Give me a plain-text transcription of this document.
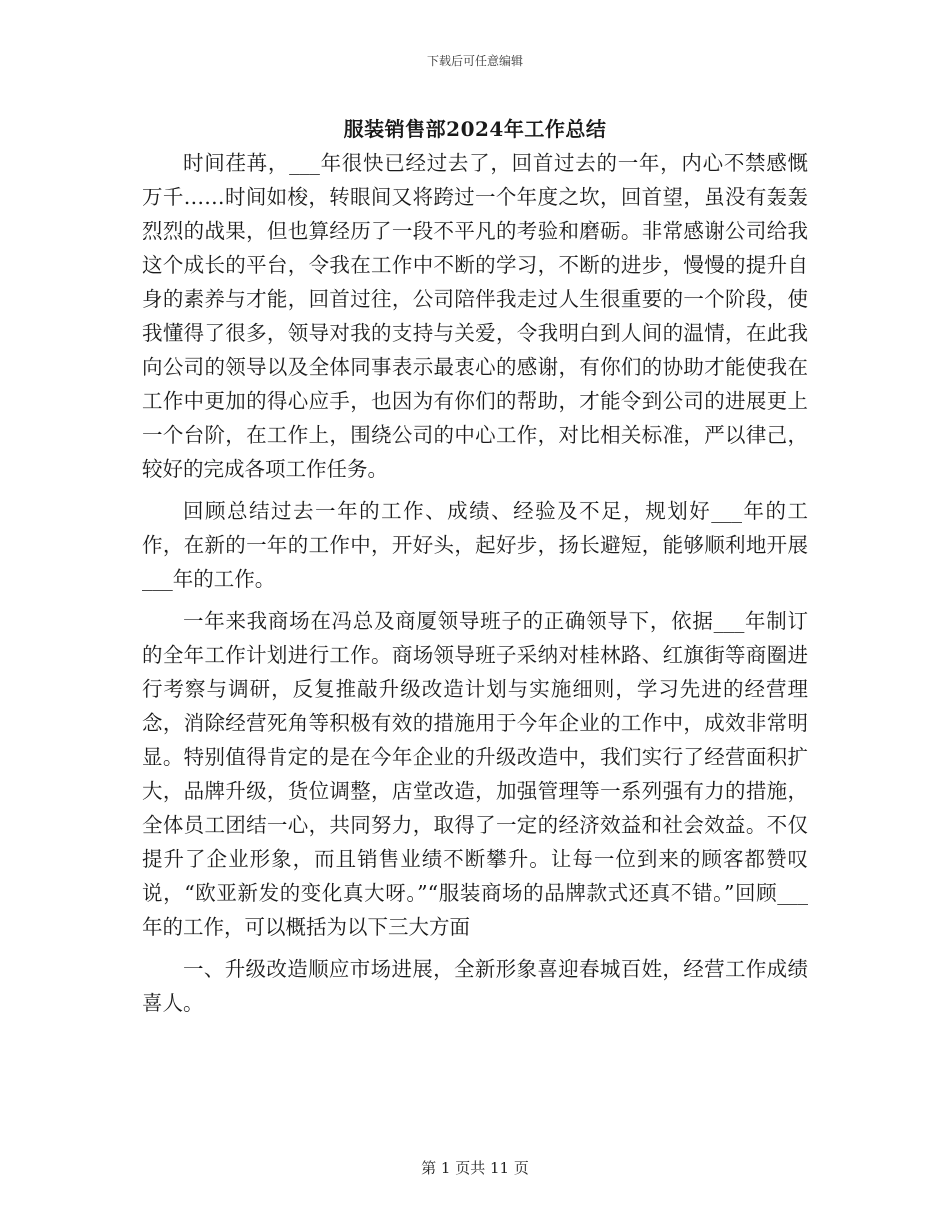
下载后可任意编辑
服装销售部2024年工作总结

时间荏苒，___年很快已经过去了，回首过去的一年，内心不禁感慨万千……时间如梭，转眼间又将跨过一个年度之坎，回首望，虽没有轰轰烈烈的战果，但也算经历了一段不平凡的考验和磨砺。非常感谢公司给我这个成长的平台，令我在工作中不断的学习，不断的进步，慢慢的提升自身的素养与才能，回首过往，公司陪伴我走过人生很重要的一个阶段，使我懂得了很多，领导对我的支持与关爱，令我明白到人间的温情，在此我向公司的领导以及全体同事表示最衷心的感谢，有你们的协助才能使我在工作中更加的得心应手，也因为有你们的帮助，才能令到公司的进展更上一个台阶，在工作上，围绕公司的中心工作，对比相关标准，严以律己，较好的完成各项工作任务。

回顾总结过去一年的工作、成绩、经验及不足，规划好___年的工作，在新的一年的工作中，开好头，起好步，扬长避短，能够顺利地开展___年的工作。

一年来我商场在冯总及商厦领导班子的正确领导下，依据___年制订的全年工作计划进行工作。商场领导班子采纳对桂林路、红旗街等商圈进行考察与调研，反复推敲升级改造计划与实施细则，学习先进的经营理念，消除经营死角等积极有效的措施用于今年企业的工作中，成效非常明显。特别值得肯定的是在今年企业的升级改造中，我们实行了经营面积扩大，品牌升级，货位调整，店堂改造，加强管理等一系列强有力的措施，全体员工团结一心，共同努力，取得了一定的经济效益和社会效益。不仅提升了企业形象，而且销售业绩不断攀升。让每一位到来的顾客都赞叹说，“欧亚新发的变化真大呀。”“服装商场的品牌款式还真不错。”回顾___年的工作，可以概括为以下三大方面

一、升级改造顺应市场进展，全新形象喜迎春城百姓，经营工作成绩喜人。

第 1 页共 11 页
